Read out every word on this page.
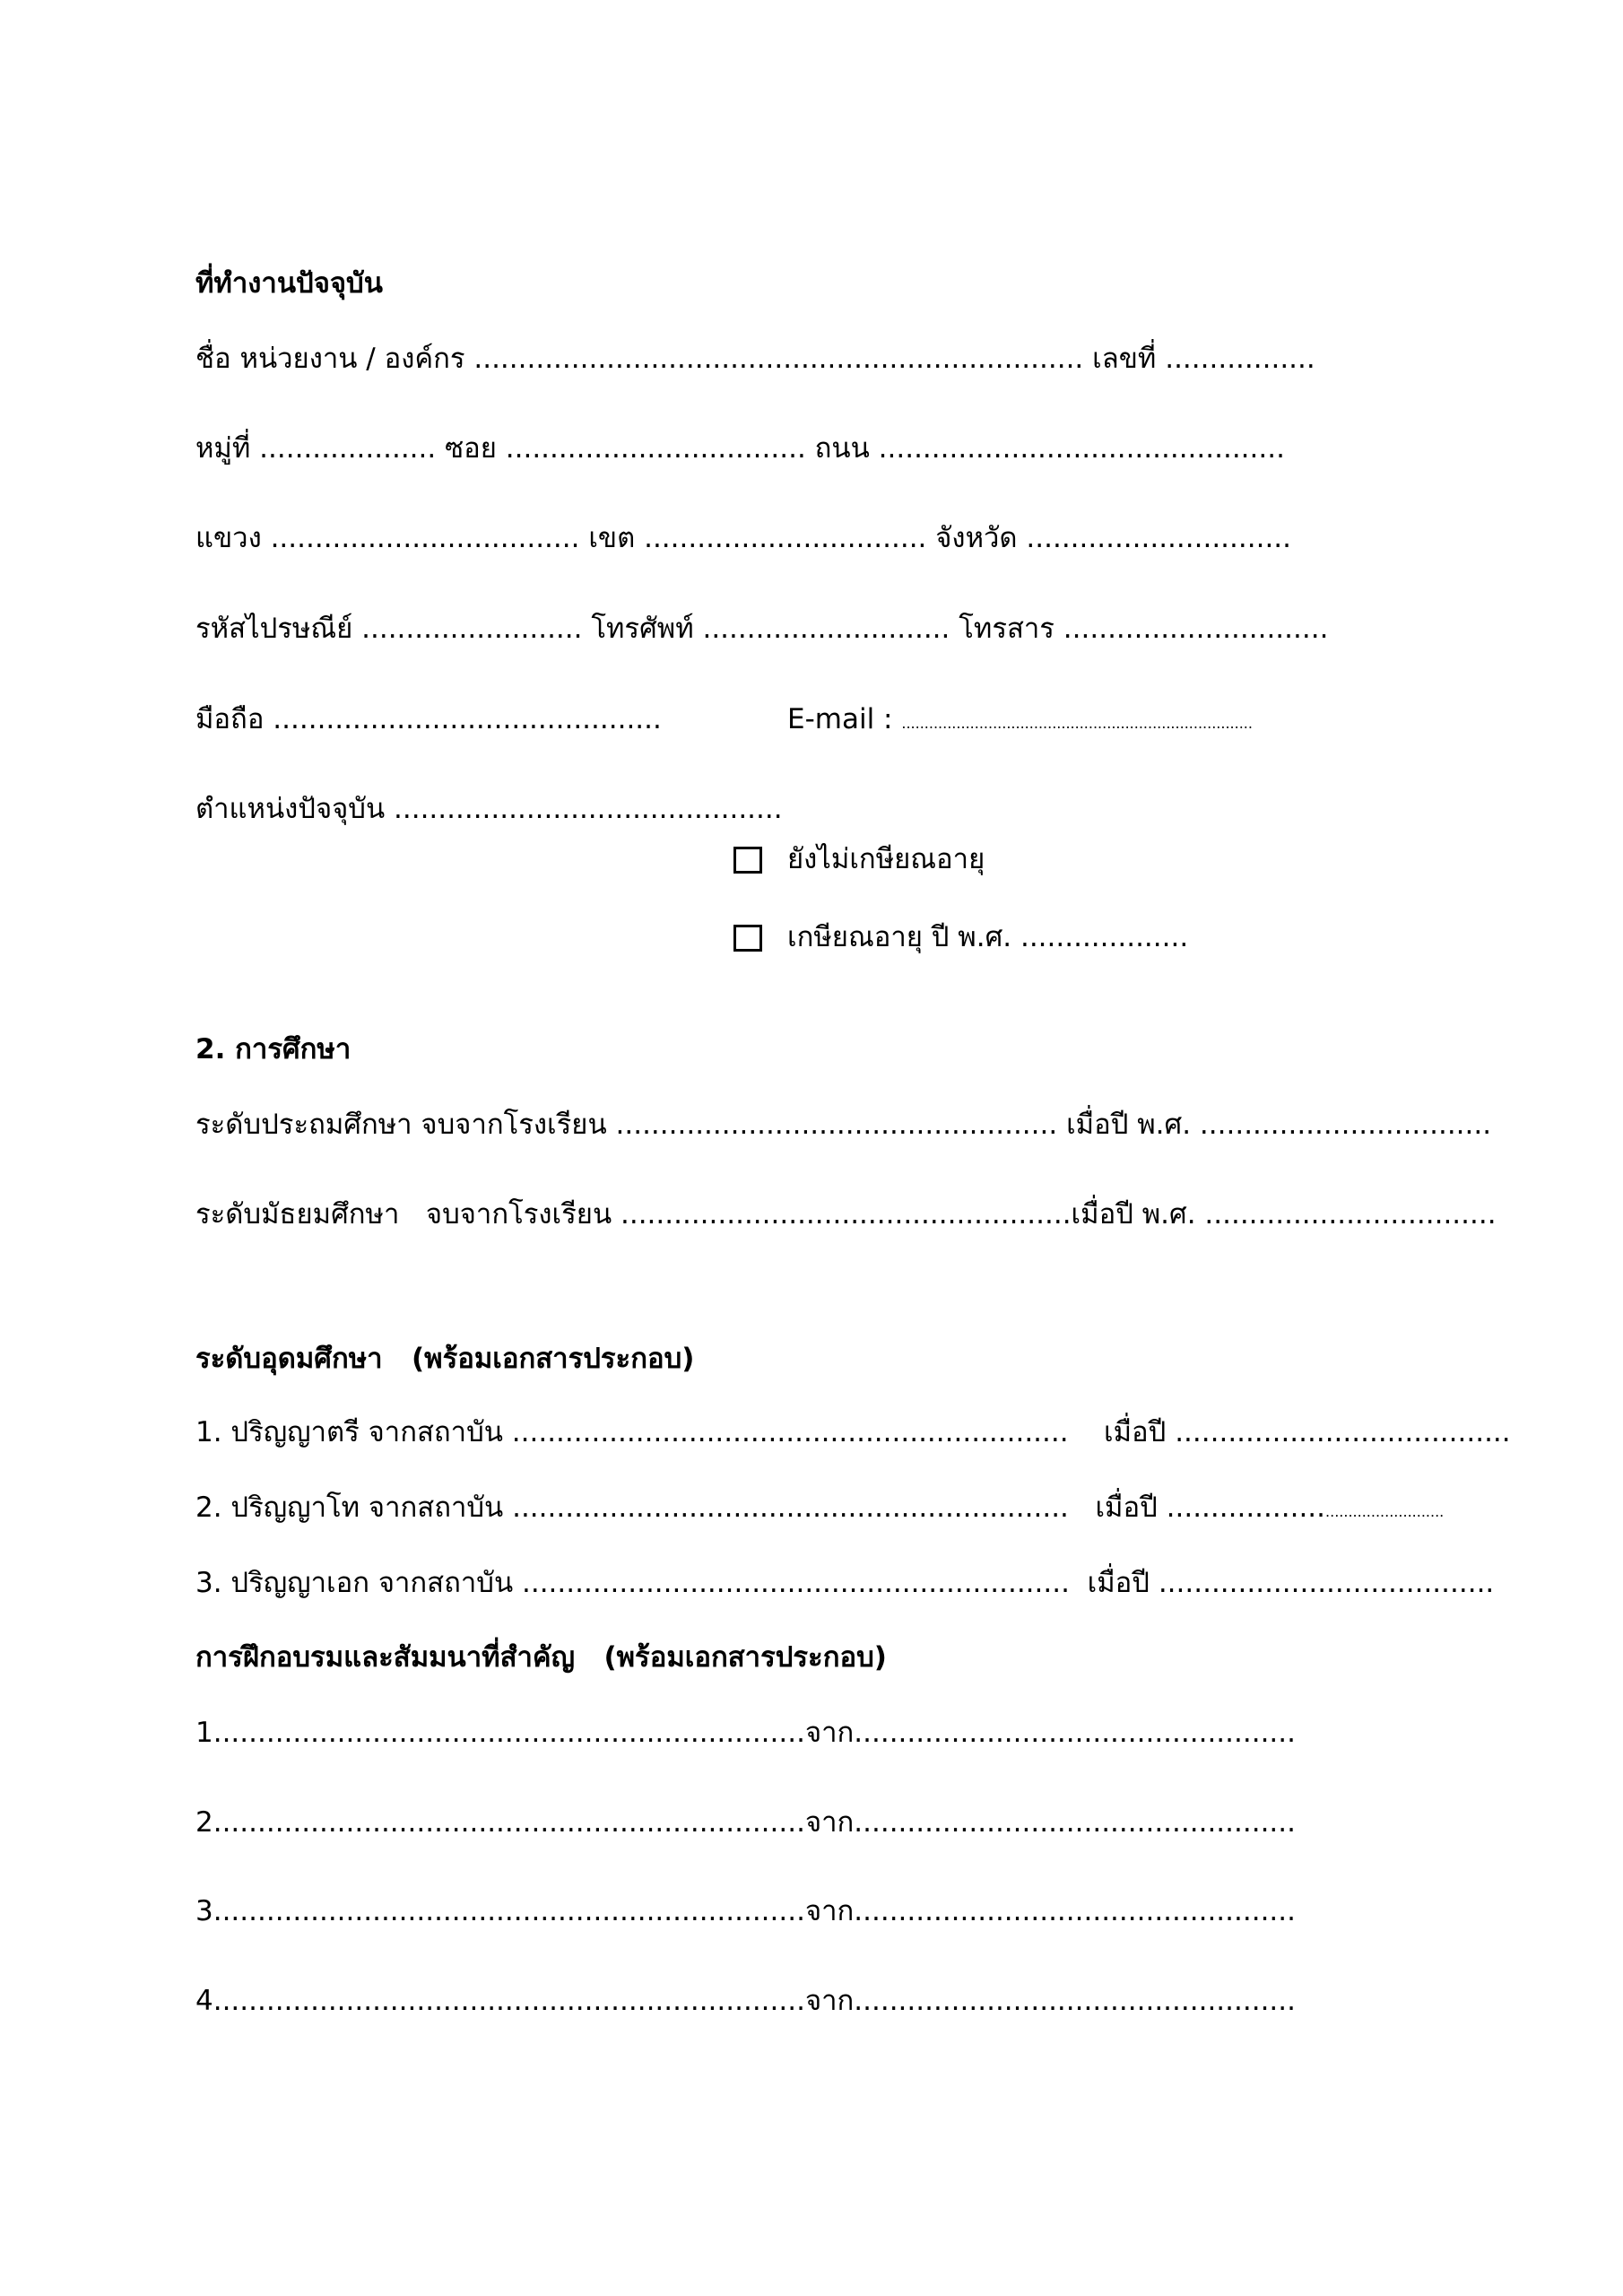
ที่ทำงานปัจจุบัน
ชื่อ หน่วยงาน / องค์กร ..................................................................... เลขที่ .................
หมู่ที่ .................... ซอย .................................. ถนน ..............................................
แขวง ................................... เขต ................................ จังหวัด ..............................
รหัสไปรษณีย์ ......................... โทรศัพท์ ............................ โทรสาร ..............................
มือถือ ............................................	E-mail : .............................................................................
ตำแหน่งปัจจุบัน ............................................
ยังไม่เกษียณอายุ
เกษียณอายุ ปี พ.ศ. ...................
2. การศึกษา
ระดับประถมศึกษา จบจากโรงเรียน .................................................. เมื่อปี พ.ศ. .................................
ระดับมัธยมศึกษา   จบจากโรงเรียน ...................................................เมื่อปี พ.ศ. .................................
ระดับอุดมศึกษา   (พร้อมเอกสารประกอบ)
1. ปริญญาตรี จากสถาบัน ...............................................................    เมื่อปี ......................................
2. ปริญญาโท จากสถาบัน ...............................................................   เมื่อปี ............................................
3. ปริญญาเอก จากสถาบัน ..............................................................  เมื่อปี ......................................
การฝึกอบรมและสัมมนาที่สำคัญ   (พร้อมเอกสารประกอบ)
1...................................................................จาก..................................................
2...................................................................จาก..................................................
3...................................................................จาก..................................................
4...................................................................จาก..................................................
